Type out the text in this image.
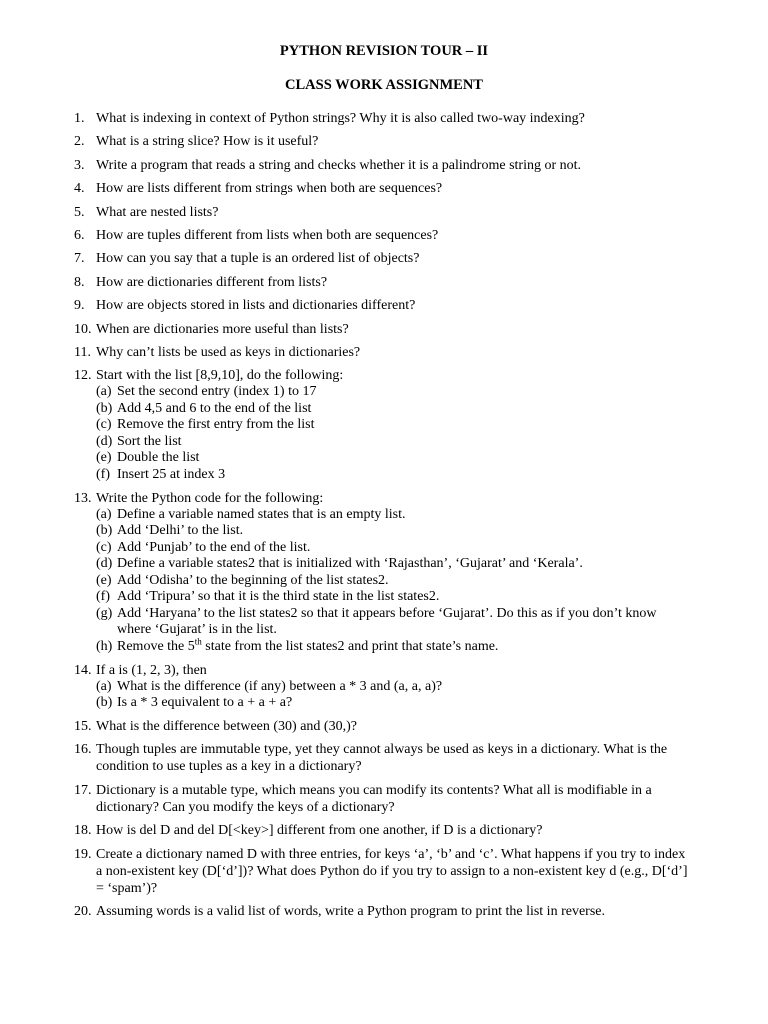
PYTHON REVISION TOUR – II
CLASS WORK ASSIGNMENT
1. What is indexing in context of Python strings? Why it is also called two-way indexing?
2. What is a string slice? How is it useful?
3. Write a program that reads a string and checks whether it is a palindrome string or not.
4. How are lists different from strings when both are sequences?
5. What are nested lists?
6. How are tuples different from lists when both are sequences?
7. How can you say that a tuple is an ordered list of objects?
8. How are dictionaries different from lists?
9. How are objects stored in lists and dictionaries different?
10. When are dictionaries more useful than lists?
11. Why can’t lists be used as keys in dictionaries?
12. Start with the list [8,9,10], do the following:
(a) Set the second entry (index 1) to 17
(b) Add 4,5 and 6 to the end of the list
(c) Remove the first entry from the list
(d) Sort the list
(e) Double the list
(f) Insert 25 at index 3
13. Write the Python code for the following:
(a) Define a variable named states that is an empty list.
(b) Add ‘Delhi’ to the list.
(c) Add ‘Punjab’ to the end of the list.
(d) Define a variable states2 that is initialized with ‘Rajasthan’, ‘Gujarat’ and ‘Kerala’.
(e) Add ‘Odisha’ to the beginning of the list states2.
(f) Add ‘Tripura’ so that it is the third state in the list states2.
(g) Add ‘Haryana’ to the list states2 so that it appears before ‘Gujarat’. Do this as if you don’t know where ‘Gujarat’ is in the list.
(h) Remove the 5th state from the list states2 and print that state’s name.
14. If a is (1, 2, 3), then
(a) What is the difference (if any) between a * 3 and (a, a, a)?
(b) Is a * 3 equivalent to a + a + a?
15. What is the difference between (30) and (30,)?
16. Though tuples are immutable type, yet they cannot always be used as keys in a dictionary. What is the condition to use tuples as a key in a dictionary?
17. Dictionary is a mutable type, which means you can modify its contents? What all is modifiable in a dictionary? Can you modify the keys of a dictionary?
18. How is del D and del D[<key>] different from one another, if D is a dictionary?
19. Create a dictionary named D with three entries, for keys ‘a’, ‘b’ and ‘c’. What happens if you try to index a non-existent key (D[‘d’])? What does Python do if you try to assign to a non-existent key d (e.g., D[‘d’] = ‘spam’)?
20. Assuming words is a valid list of words, write a Python program to print the list in reverse.
